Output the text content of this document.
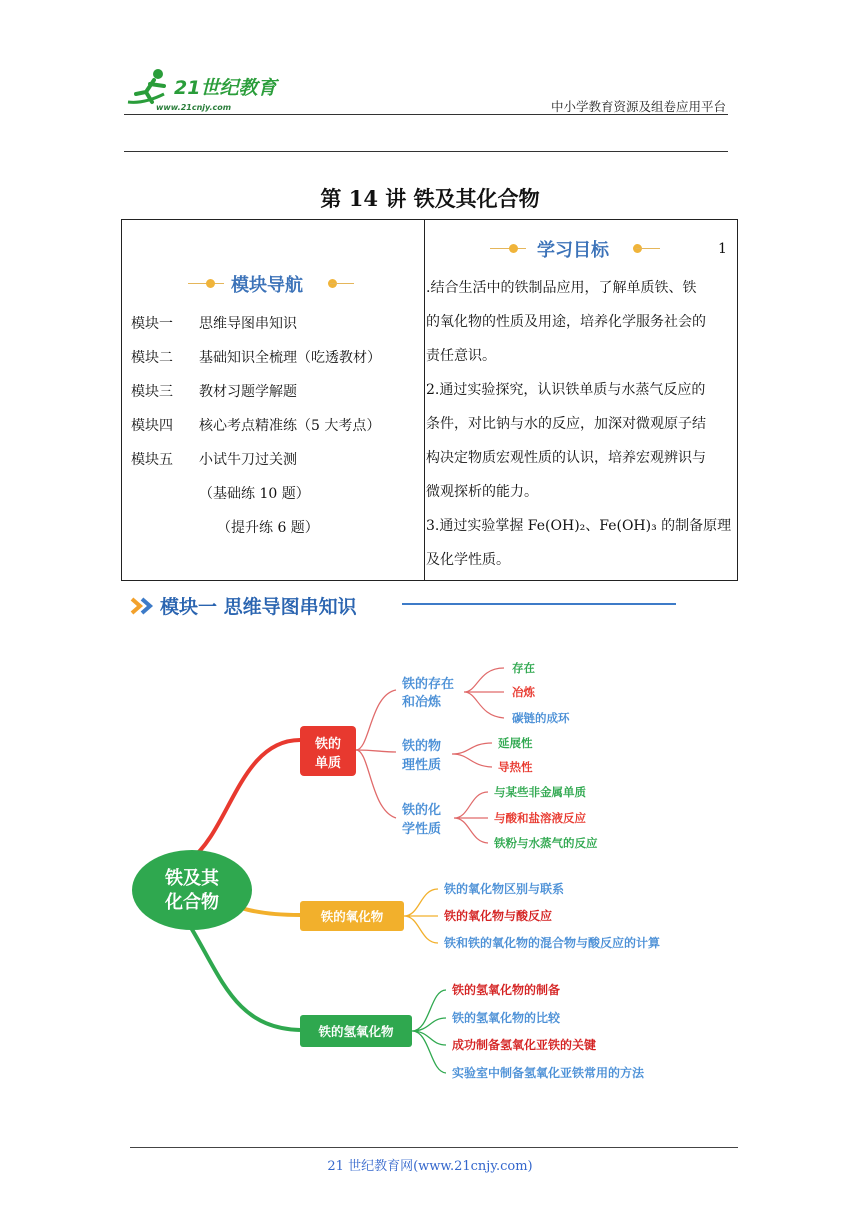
21世纪教育
www.21cnjy.com	中小学教育资源及组卷应用平台
第 14 讲 铁及其化合物
模块导航
模块一	思维导图串知识
模块二	基础知识全梳理（吃透教材）
模块三	教材习题学解题
模块四	核心考点精准练（5 大考点）
模块五	小试牛刀过关测
（基础练 10 题）
（提升练 6 题）
学习目标	1
.结合生活中的铁制品应用，了解单质铁、铁
的氧化物的性质及用途，培养化学服务社会的
责任意识。
2.通过实验探究，认识铁单质与水蒸气反应的
条件，对比钠与水的反应，加深对微观原子结
构决定物质宏观性质的认识，培养宏观辨识与
微观探析的能力。
3.通过实验掌握 Fe(OH)₂、Fe(OH)₃ 的制备原理
及化学性质。
模块一 思维导图串知识
铁及其
化合物
铁的
单质
铁的存在
和冶炼
存在
冶炼
碳链的成环
铁的物
理性质
延展性
导热性
铁的化
学性质
与某些非金属单质
与酸和盐溶液反应
铁粉与水蒸气的反应
铁的氧化物
铁的氧化物区别与联系
铁的氧化物与酸反应
铁和铁的氧化物的混合物与酸反应的计算
铁的氢氧化物
铁的氢氧化物的制备
铁的氢氧化物的比较
成功制备氢氧化亚铁的关键
实验室中制备氢氧化亚铁常用的方法
21 世纪教育网(www.21cnjy.com)
